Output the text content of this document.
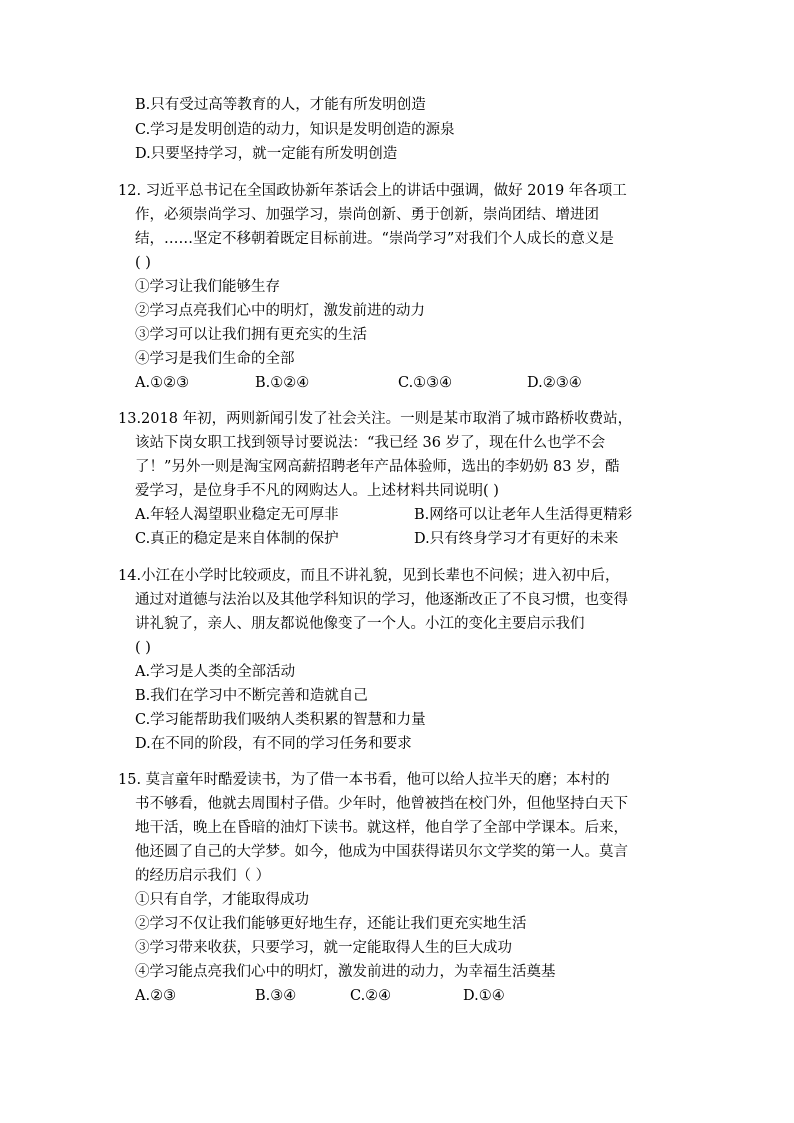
B.只有受过高等教育的人，才能有所发明创造
C.学习是发明创造的动力，知识是发明创造的源泉
D.只要坚持学习，就一定能有所发明创造
12. 习近平总书记在全国政协新年茶话会上的讲话中强调，做好 2019 年各项工
作，必须崇尚学习、加强学习，崇尚创新、勇于创新，崇尚团结、增进团
结，……坚定不移朝着既定目标前进。“崇尚学习”对我们个人成长的意义是
( )
①学习让我们能够生存
②学习点亮我们心中的明灯，激发前进的动力
③学习可以让我们拥有更充实的生活
④学习是我们生命的全部
A.①②③	B.①②④	C.①③④	D.②③④
13.2018 年初，两则新闻引发了社会关注。一则是某市取消了城市路桥收费站，
该站下岗女职工找到领导讨要说法：“我已经 36 岁了，现在什么也学不会
了！”另外一则是淘宝网高薪招聘老年产品体验师，选出的李奶奶 83 岁，酷
爱学习，是位身手不凡的网购达人。上述材料共同说明( )
A.年轻人渴望职业稳定无可厚非	B.网络可以让老年人生活得更精彩
C.真正的稳定是来自体制的保护	D.只有终身学习才有更好的未来
14.小江在小学时比较顽皮，而且不讲礼貌，见到长辈也不问候；进入初中后，
通过对道德与法治以及其他学科知识的学习，他逐渐改正了不良习惯，也变得
讲礼貌了，亲人、朋友都说他像变了一个人。小江的变化主要启示我们
( )
A.学习是人类的全部活动
B.我们在学习中不断完善和造就自己
C.学习能帮助我们吸纳人类积累的智慧和力量
D.在不同的阶段，有不同的学习任务和要求
15. 莫言童年时酷爱读书，为了借一本书看，他可以给人拉半天的磨；本村的
书不够看，他就去周围村子借。少年时，他曾被挡在校门外，但他坚持白天下
地干活，晚上在昏暗的油灯下读书。就这样，他自学了全部中学课本。后来，
他还圆了自己的大学梦。如今，他成为中国获得诺贝尔文学奖的第一人。莫言
的经历启示我们（ ）
①只有自学，才能取得成功
②学习不仅让我们能够更好地生存，还能让我们更充实地生活
③学习带来收获，只要学习，就一定能取得人生的巨大成功
④学习能点亮我们心中的明灯，激发前进的动力，为幸福生活奠基
A.②③	B.③④	C.②④	D.①④
